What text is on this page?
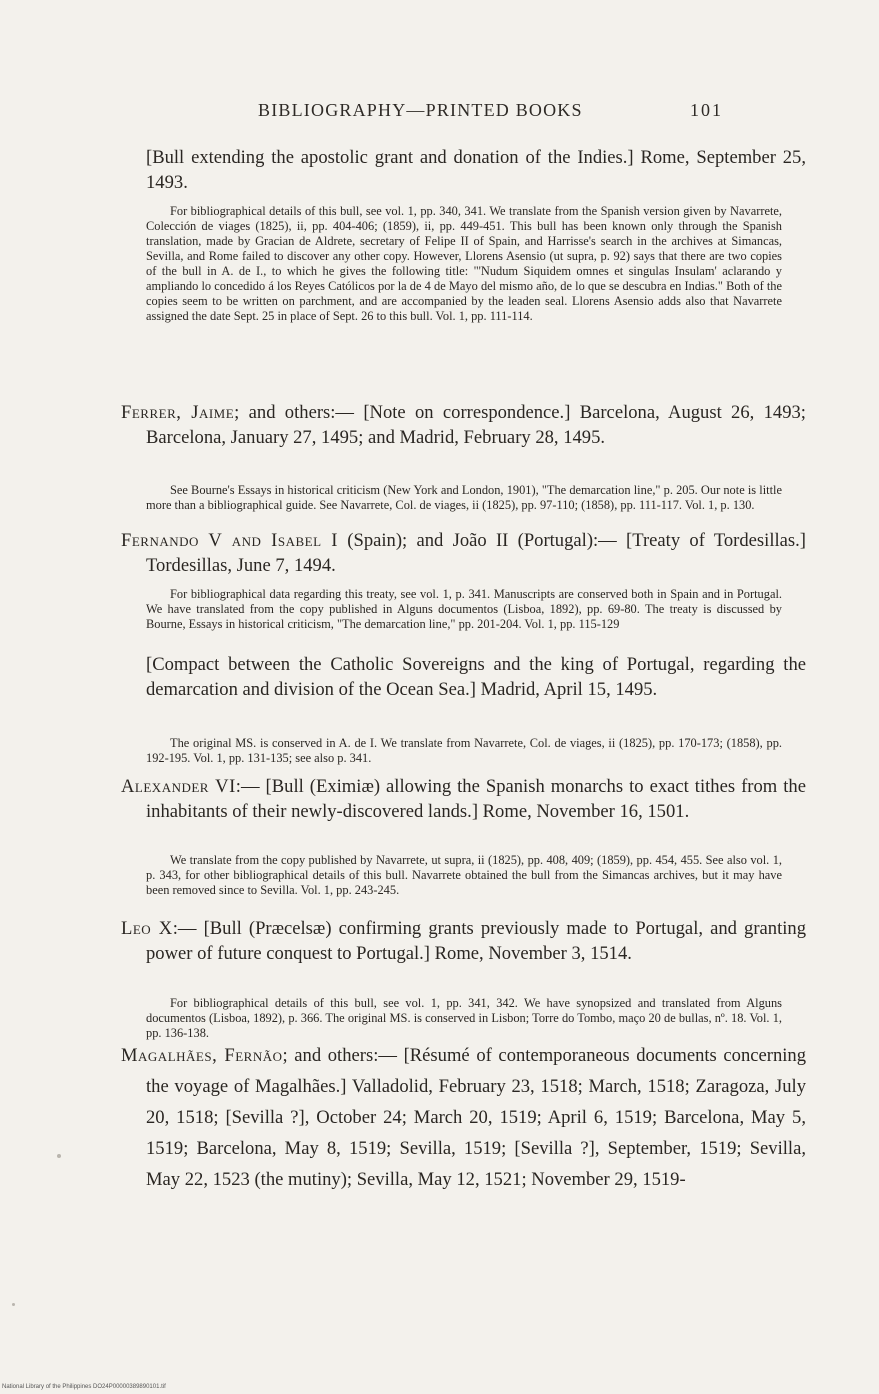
BIBLIOGRAPHY—PRINTED BOOKS	101
[Bull extending the apostolic grant and donation of the Indies.] Rome, September 25, 1493.
For bibliographical details of this bull, see vol. 1, pp. 340, 341. We translate from the Spanish version given by Navarrete, Colección de viages (1825), ii, pp. 404-406; (1859), ii, pp. 449-451. This bull has been known only through the Spanish translation, made by Gracian de Aldrete, secretary of Felipe II of Spain, and Harrisse's search in the archives at Simancas, Sevilla, and Rome failed to discover any other copy. However, Llorens Asensio (ut supra, p. 92) says that there are two copies of the bull in A. de I., to which he gives the following title: "'Nudum Siquidem omnes et singulas Insulam' aclarando y ampliando lo concedido á los Reyes Católicos por la de 4 de Mayo del mismo año, de lo que se descubra en Indias." Both of the copies seem to be written on parchment, and are accompanied by the leaden seal. Llorens Asensio adds also that Navarrete assigned the date Sept. 25 in place of Sept. 26 to this bull. Vol. 1, pp. 111-114.
Ferrer, Jaime; and others:— [Note on correspondence.] Barcelona, August 26, 1493; Barcelona, January 27, 1495; and Madrid, February 28, 1495.
See Bourne's Essays in historical criticism (New York and London, 1901), "The demarcation line," p. 205. Our note is little more than a bibliographical guide. See Navarrete, Col. de viages, ii (1825), pp. 97-110; (1858), pp. 111-117. Vol. 1, p. 130.
Fernando V and Isabel I (Spain); and João II (Portugal):— [Treaty of Tordesillas.] Tordesillas, June 7, 1494.
For bibliographical data regarding this treaty, see vol. 1, p. 341. Manuscripts are conserved both in Spain and in Portugal. We have translated from the copy published in Alguns documentos (Lisboa, 1892), pp. 69-80. The treaty is discussed by Bourne, Essays in historical criticism, "The demarcation line," pp. 201-204. Vol. 1, pp. 115-129
[Compact between the Catholic Sovereigns and the king of Portugal, regarding the demarcation and division of the Ocean Sea.] Madrid, April 15, 1495.
The original MS. is conserved in A. de I. We translate from Navarrete, Col. de viages, ii (1825), pp. 170-173; (1858), pp. 192-195. Vol. 1, pp. 131-135; see also p. 341.
Alexander VI:— [Bull (Eximiæ) allowing the Spanish monarchs to exact tithes from the inhabitants of their newly-discovered lands.] Rome, November 16, 1501.
We translate from the copy published by Navarrete, ut supra, ii (1825), pp. 408, 409; (1859), pp. 454, 455. See also vol. 1, p. 343, for other bibliographical details of this bull. Navarrete obtained the bull from the Simancas archives, but it may have been removed since to Sevilla. Vol. 1, pp. 243-245.
Leo X:— [Bull (Præcelsæ) confirming grants previously made to Portugal, and granting power of future conquest to Portugal.] Rome, November 3, 1514.
For bibliographical details of this bull, see vol. 1, pp. 341, 342. We have synopsized and translated from Alguns documentos (Lisboa, 1892), p. 366. The original MS. is conserved in Lisbon; Torre do Tombo, maço 20 de bullas, nº. 18. Vol. 1, pp. 136-138.
Magalhães, Fernão; and others:— [Résumé of contemporaneous documents concerning the voyage of Magalhães.] Valladolid, February 23, 1518; March, 1518; Zaragoza, July 20, 1518; [Sevilla ?], October 24; March 20, 1519; April 6, 1519; Barcelona, May 5, 1519; Barcelona, May 8, 1519; Sevilla, 1519; [Sevilla ?], September, 1519; Sevilla, May 22, 1523 (the mutiny); Sevilla, May 12, 1521; November 29, 1519-
National Library of the Philippines DO24P00000389890101.tif
